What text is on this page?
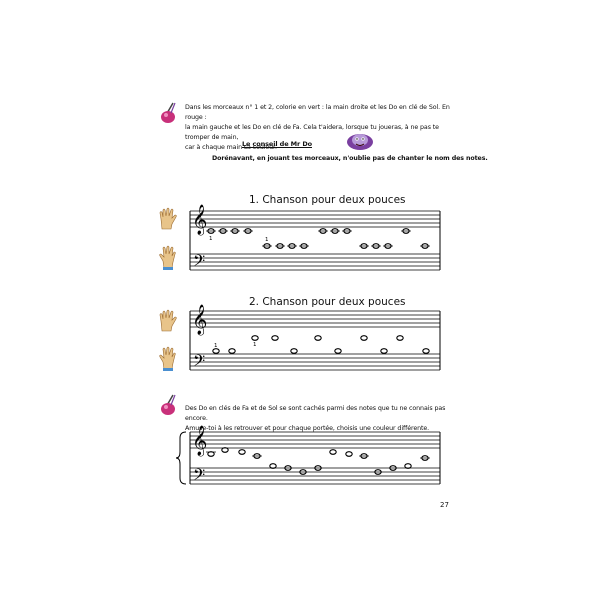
Dans les morceaux n° 1 et 2, colorie en vert : la main droite et les Do en clé de Sol. En rouge :
la main gauche et les Do en clé de Fa. Cela t'aidera, lorsque tu joueras, à ne pas te tromper de main,
car à chaque main sa couleur.
Le conseil de Mr Do
Dorénavant, en jouant tes morceaux, n'oublie pas de chanter le nom des notes.
1. Chanson pour deux pouces
2. Chanson pour deux pouces
Des Do en clés de Fa et de Sol se sont cachés parmi des notes que tu ne connais pas encore.
Amuse-toi à les retrouver et pour chaque portée, choisis une couleur différente.
𝄞
𝄢
𝄞
𝄢
𝄞
𝄢
1	1
1	1
27
